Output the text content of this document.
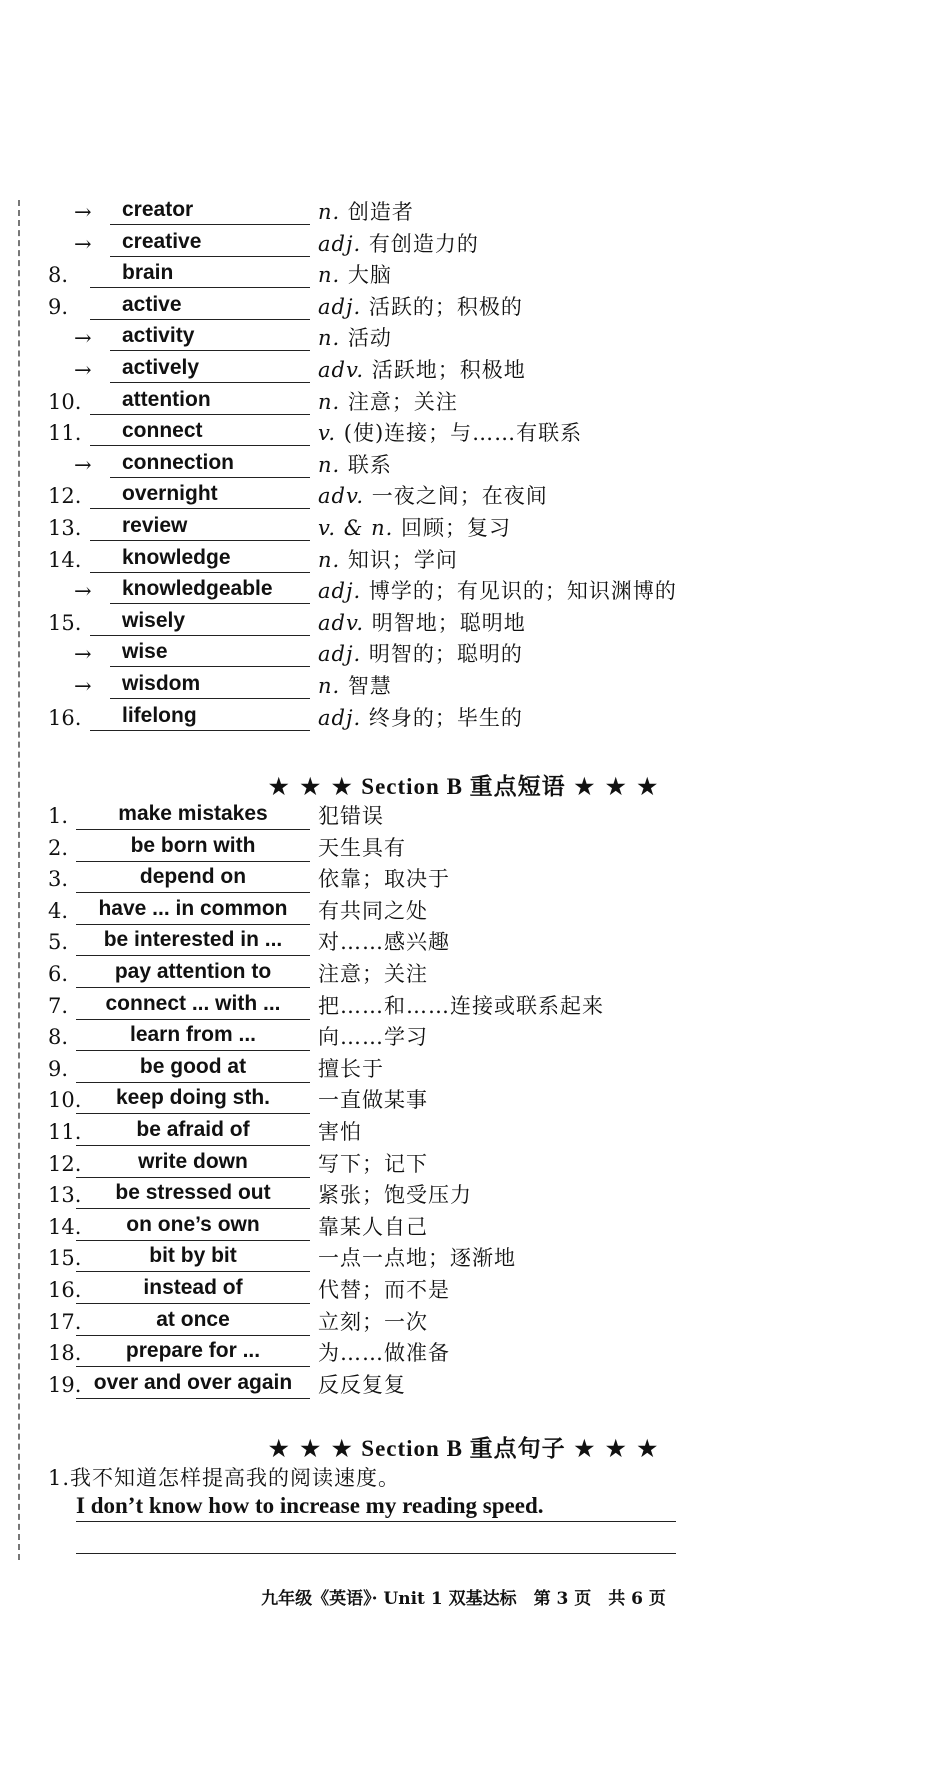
→	creator	n. 创造者
→	creative	adj. 有创造力的
8.	brain	n. 大脑
9.	active	adj. 活跃的；积极的
→	activity	n. 活动
→	actively	adv. 活跃地；积极地
10.	attention	n. 注意；关注
11.	connect	v. (使)连接；与……有联系
→	connection	n. 联系
12.	overnight	adv. 一夜之间；在夜间
13.	review	v. & n. 回顾；复习
14.	knowledge	n. 知识；学问
→	knowledgeable	adj. 博学的；有见识的；知识渊博的
15.	wisely	adv. 明智地；聪明地
→	wise	adj. 明智的；聪明的
→	wisdom	n. 智慧
16.	lifelong	adj. 终身的；毕生的
★ ★ ★ Section B 重点短语 ★ ★ ★
1.	make mistakes	犯错误
2.	be born with	天生具有
3.	depend on	依靠；取决于
4.	have ... in common	有共同之处
5.	be interested in ...	对……感兴趣
6.	pay attention to	注意；关注
7.	connect ... with ...	把……和……连接或联系起来
8.	learn from ...	向……学习
9.	be good at	擅长于
10.	keep doing sth.	一直做某事
11.	be afraid of	害怕
12.	write down	写下；记下
13.	be stressed out	紧张；饱受压力
14.	on one’s own	靠某人自己
15.	bit by bit	一点一点地；逐渐地
16.	instead of	代替；而不是
17.	at once	立刻；一次
18.	prepare for ...	为……做准备
19. over and over again	反反复复
★ ★ ★ Section B 重点句子 ★ ★ ★
1.我不知道怎样提高我的阅读速度。
I don’t know how to increase my reading speed.
九年级《英语》· Unit 1 双基达标　第 3 页　共 6 页
